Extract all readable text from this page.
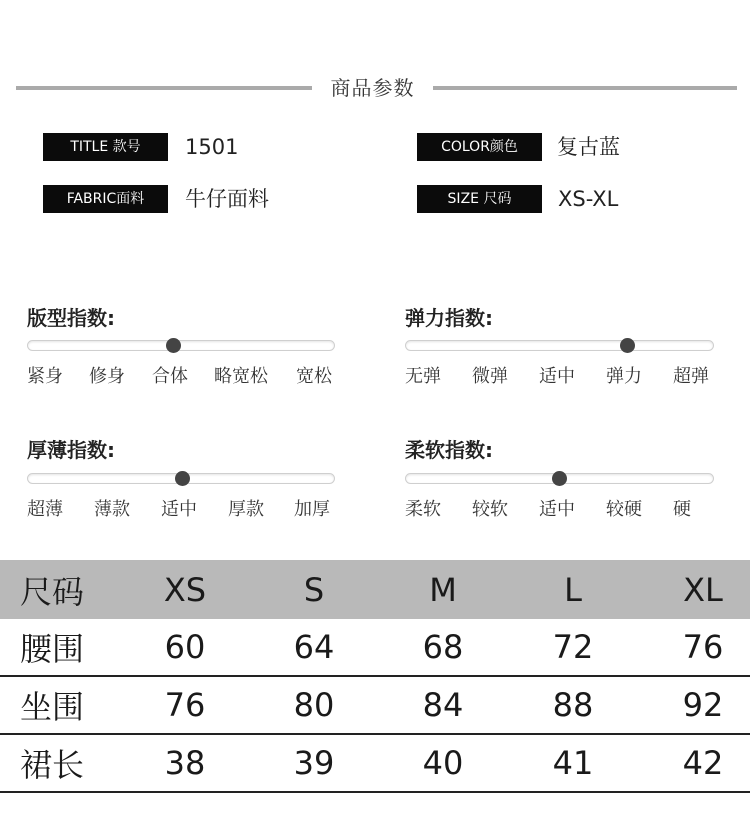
商品参数
TITLE 款号	1501
FABRIC面料	牛仔面料
COLOR颜色	复古蓝
SIZE 尺码	XS-XL
版型指数:
紧身 修身 合体 略宽松 宽松
弹力指数:
无弹 微弹 适中 弹力 超弹
厚薄指数:
超薄 薄款 适中 厚款 加厚
柔软指数:
柔软 较软 适中 较硬 硬
尺码	XS	S	M	L	XL
腰围	60	64	68	72	76
坐围	76	80	84	88	92
裙长	38	39	40	41	42
